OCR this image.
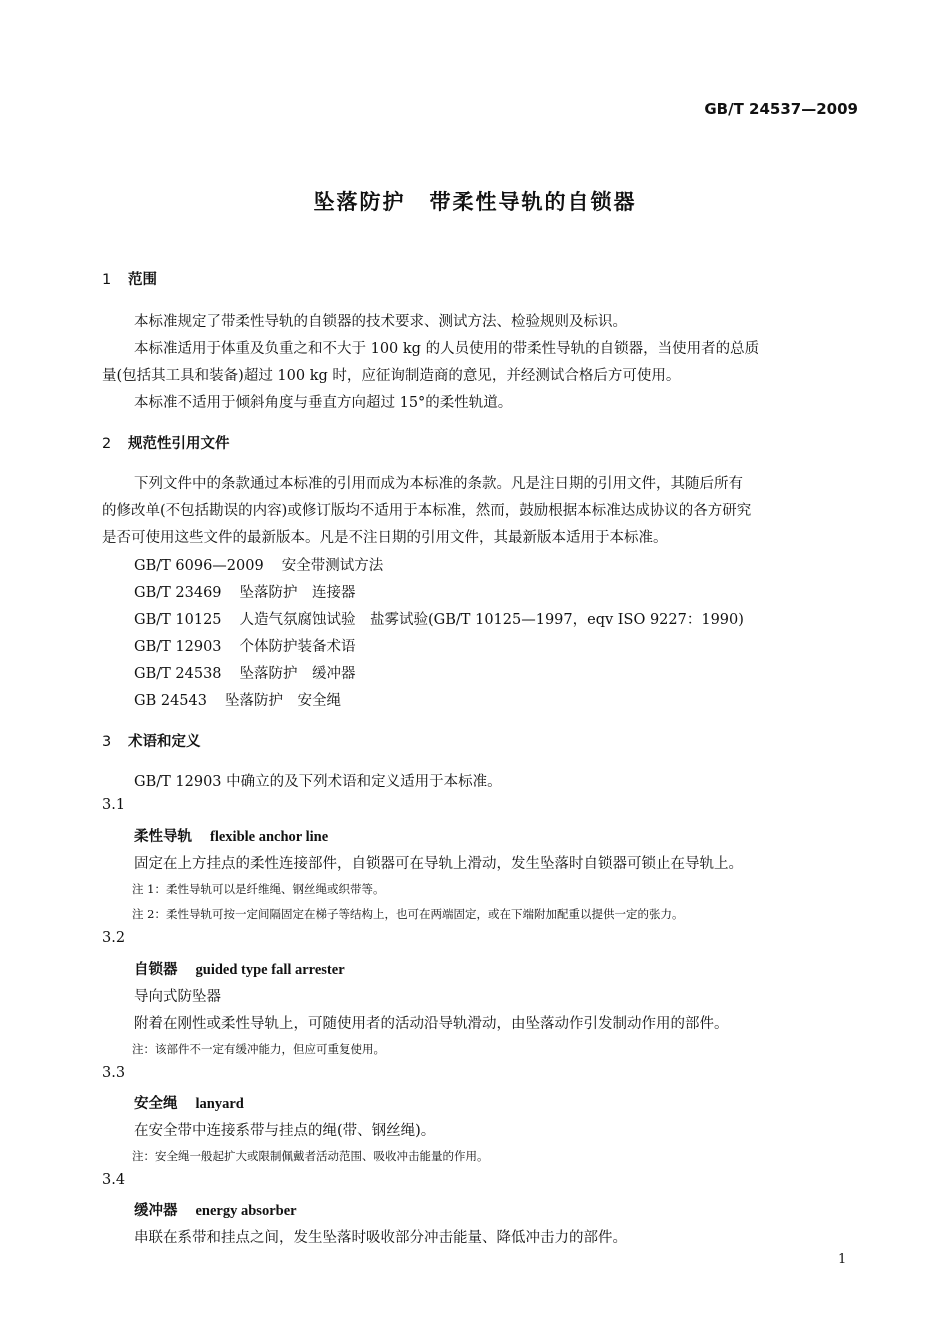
GB/T 24537—2009
坠落防护 带柔性导轨的自锁器
1 范围
本标准规定了带柔性导轨的自锁器的技术要求、测试方法、检验规则及标识。
本标准适用于体重及负重之和不大于 100 kg 的人员使用的带柔性导轨的自锁器，当使用者的总质
量(包括其工具和装备)超过 100 kg 时，应征询制造商的意见，并经测试合格后方可使用。
本标准不适用于倾斜角度与垂直方向超过 15°的柔性轨道。
2 规范性引用文件
下列文件中的条款通过本标准的引用而成为本标准的条款。凡是注日期的引用文件，其随后所有
的修改单(不包括勘误的内容)或修订版均不适用于本标准，然而，鼓励根据本标准达成协议的各方研究
是否可使用这些文件的最新版本。凡是不注日期的引用文件，其最新版本适用于本标准。
GB/T 6096—2009 安全带测试方法
GB/T 23469 坠落防护　连接器
GB/T 10125 人造气氛腐蚀试验　盐雾试验(GB/T 10125—1997，eqv ISO 9227：1990)
GB/T 12903 个体防护装备术语
GB/T 24538 坠落防护　缓冲器
GB 24543 坠落防护　安全绳
3 术语和定义
GB/T 12903 中确立的及下列术语和定义适用于本标准。
3.1
柔性导轨 flexible anchor line
固定在上方挂点的柔性连接部件，自锁器可在导轨上滑动，发生坠落时自锁器可锁止在导轨上。
注 1：柔性导轨可以是纤维绳、钢丝绳或织带等。
注 2：柔性导轨可按一定间隔固定在梯子等结构上，也可在两端固定，或在下端附加配重以提供一定的张力。
3.2
自锁器 guided type fall arrester
导向式防坠器
附着在刚性或柔性导轨上，可随使用者的活动沿导轨滑动，由坠落动作引发制动作用的部件。
注：该部件不一定有缓冲能力，但应可重复使用。
3.3
安全绳 lanyard
在安全带中连接系带与挂点的绳(带、钢丝绳)。
注：安全绳一般起扩大或限制佩戴者活动范围、吸收冲击能量的作用。
3.4
缓冲器 energy absorber
串联在系带和挂点之间，发生坠落时吸收部分冲击能量、降低冲击力的部件。
1
